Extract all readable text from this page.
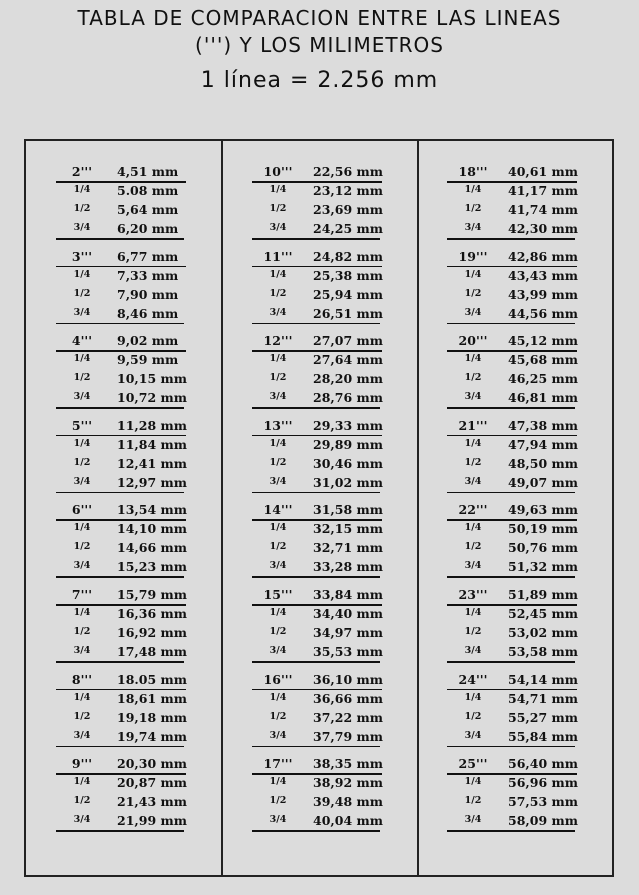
TABLA DE COMPARACION ENTRE LAS LINEAS
(''') Y LOS MILIMETROS
1 línea = 2.256 mm
2'''	4,51 mm
1/4	5.08 mm
1/2	5,64 mm
3/4	6,20 mm
3'''	6,77 mm
1/4	7,33 mm
1/2	7,90 mm
3/4	8,46 mm
4'''	9,02 mm
1/4	9,59 mm
1/2	10,15 mm
3/4	10,72 mm
5'''	11,28 mm
1/4	11,84 mm
1/2	12,41 mm
3/4	12,97 mm
6'''	13,54 mm
1/4	14,10 mm
1/2	14,66 mm
3/4	15,23 mm
7'''	15,79 mm
1/4	16,36 mm
1/2	16,92 mm
3/4	17,48 mm
8'''	18.05 mm
1/4	18,61 mm
1/2	19,18 mm
3/4	19,74 mm
9'''	20,30 mm
1/4	20,87 mm
1/2	21,43 mm
3/4	21,99 mm
10'''	22,56 mm
1/4	23,12 mm
1/2	23,69 mm
3/4	24,25 mm
11'''	24,82 mm
1/4	25,38 mm
1/2	25,94 mm
3/4	26,51 mm
12'''	27,07 mm
1/4	27,64 mm
1/2	28,20 mm
3/4	28,76 mm
13'''	29,33 mm
1/4	29,89 mm
1/2	30,46 mm
3/4	31,02 mm
14'''	31,58 mm
1/4	32,15 mm
1/2	32,71 mm
3/4	33,28 mm
15'''	33,84 mm
1/4	34,40 mm
1/2	34,97 mm
3/4	35,53 mm
16'''	36,10 mm
1/4	36,66 mm
1/2	37,22 mm
3/4	37,79 mm
17'''	38,35 mm
1/4	38,92 mm
1/2	39,48 mm
3/4	40,04 mm
18'''	40,61 mm
1/4	41,17 mm
1/2	41,74 mm
3/4	42,30 mm
19'''	42,86 mm
1/4	43,43 mm
1/2	43,99 mm
3/4	44,56 mm
20'''	45,12 mm
1/4	45,68 mm
1/2	46,25 mm
3/4	46,81 mm
21'''	47,38 mm
1/4	47,94 mm
1/2	48,50 mm
3/4	49,07 mm
22'''	49,63 mm
1/4	50,19 mm
1/2	50,76 mm
3/4	51,32 mm
23'''	51,89 mm
1/4	52,45 mm
1/2	53,02 mm
3/4	53,58 mm
24'''	54,14 mm
1/4	54,71 mm
1/2	55,27 mm
3/4	55,84 mm
25'''	56,40 mm
1/4	56,96 mm
1/2	57,53 mm
3/4	58,09 mm
